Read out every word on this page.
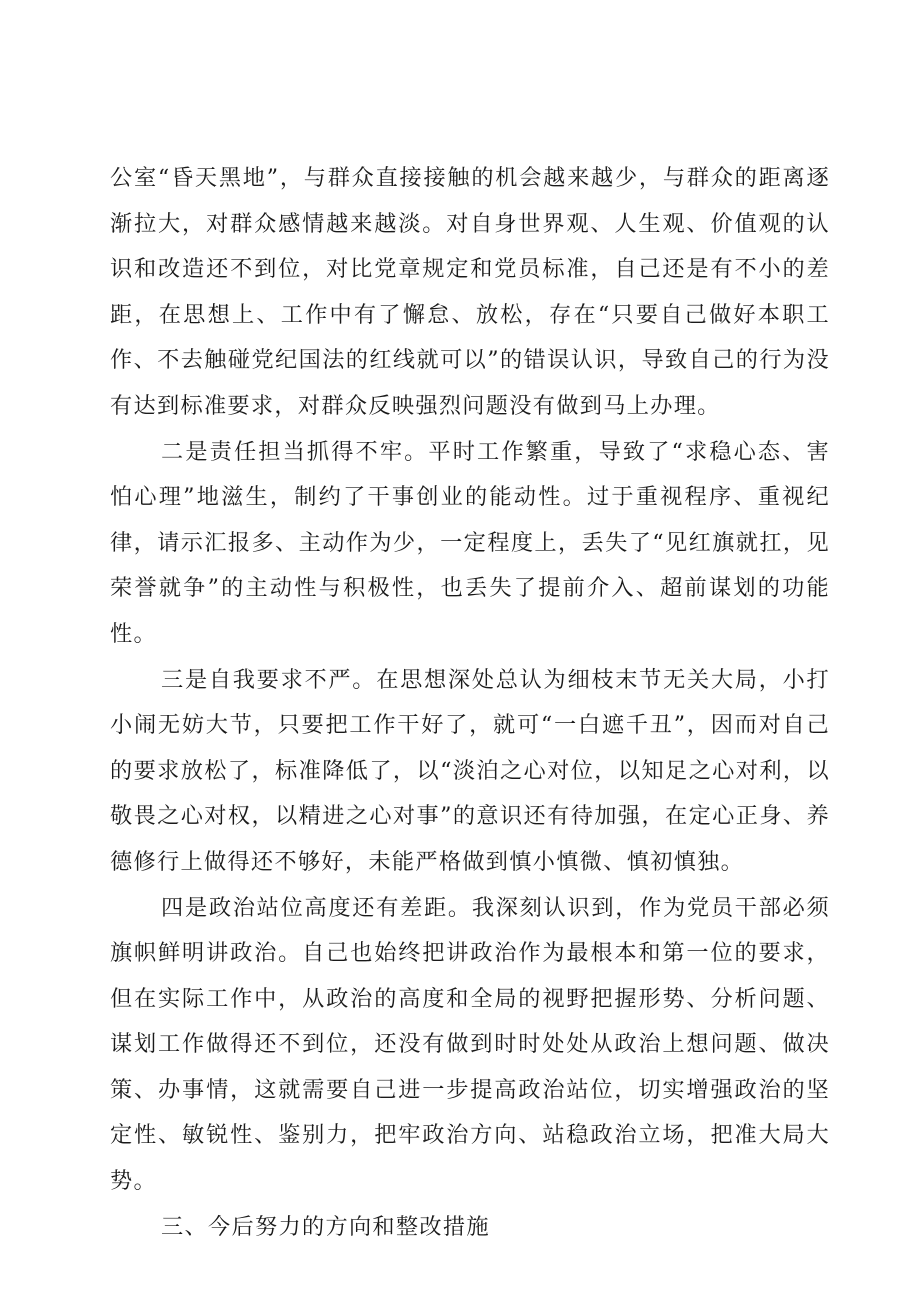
公室“昏天黑地”，与群众直接接触的机会越来越少，与群众的距离逐渐拉大，对群众感情越来越淡。对自身世界观、人生观、价值观的认识和改造还不到位，对比党章规定和党员标准，自己还是有不小的差距，在思想上、工作中有了懈怠、放松，存在“只要自己做好本职工作、不去触碰党纪国法的红线就可以”的错误认识，导致自己的行为没有达到标准要求，对群众反映强烈问题没有做到马上办理。

二是责任担当抓得不牢。平时工作繁重，导致了“求稳心态、害怕心理”地滋生，制约了干事创业的能动性。过于重视程序、重视纪律，请示汇报多、主动作为少，一定程度上，丢失了“见红旗就扛，见荣誉就争”的主动性与积极性，也丢失了提前介入、超前谋划的功能性。

三是自我要求不严。在思想深处总认为细枝末节无关大局，小打小闹无妨大节，只要把工作干好了，就可“一白遮千丑”，因而对自己的要求放松了，标准降低了，以“淡泊之心对位，以知足之心对利，以敬畏之心对权，以精进之心对事”的意识还有待加强，在定心正身、养德修行上做得还不够好，未能严格做到慎小慎微、慎初慎独。

四是政治站位高度还有差距。我深刻认识到，作为党员干部必须旗帜鲜明讲政治。自己也始终把讲政治作为最根本和第一位的要求，但在实际工作中，从政治的高度和全局的视野把握形势、分析问题、谋划工作做得还不到位，还没有做到时时处处从政治上想问题、做决策、办事情，这就需要自己进一步提高政治站位，切实增强政治的坚定性、敏锐性、鉴别力，把牢政治方向、站稳政治立场，把准大局大势。

三、今后努力的方向和整改措施
